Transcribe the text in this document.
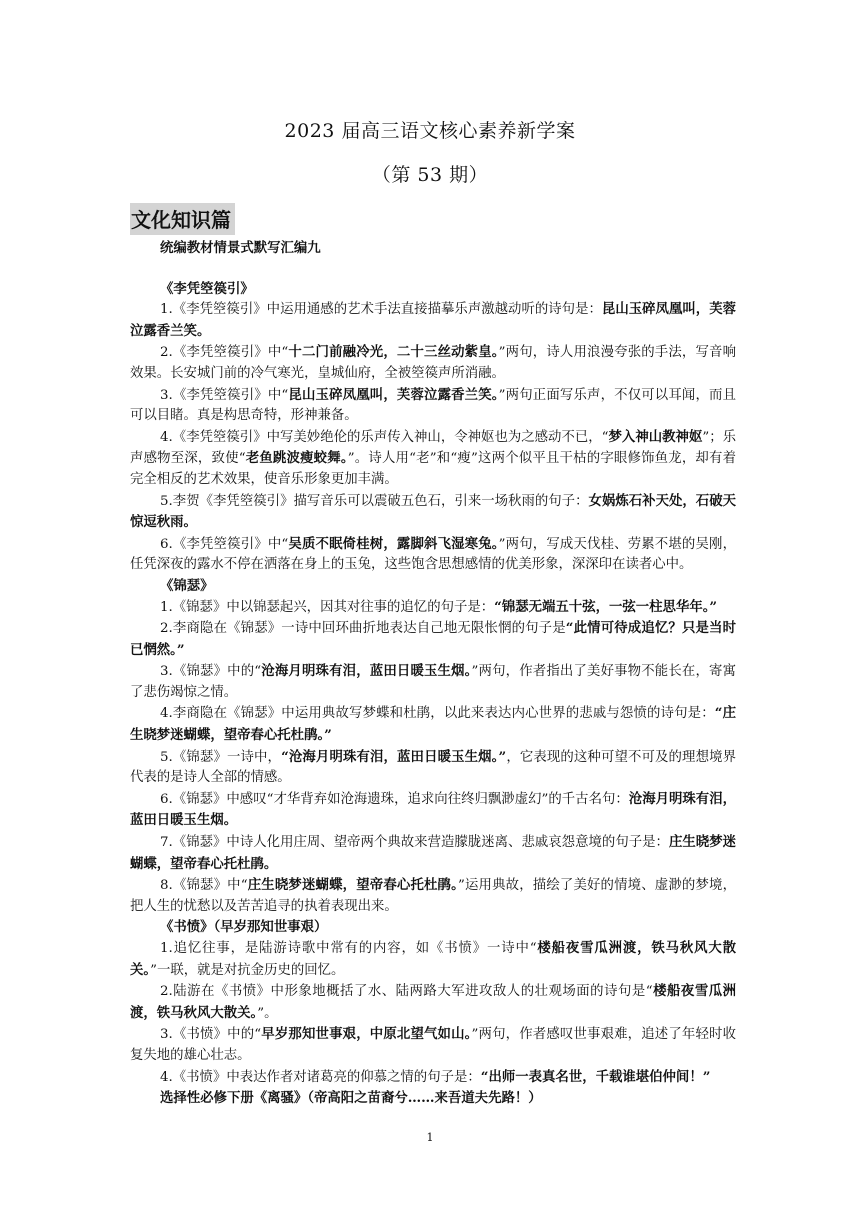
2023 届高三语文核心素养新学案
（第 53 期）
文化知识篇
统编教材情景式默写汇编九
《李凭箜篌引》
1.《李凭箜篌引》中运用通感的艺术手法直接描摹乐声激越动听的诗句是：昆山玉碎凤凰叫，芙蓉泣露香兰笑。
2.《李凭箜篌引》中“十二门前融冷光，二十三丝动紫皇。”两句，诗人用浪漫夸张的手法，写音响效果。长安城门前的冷气寒光，皇城仙府，全被箜篌声所消融。
3.《李凭箜篌引》中“昆山玉碎凤凰叫，芙蓉泣露香兰笑。”两句正面写乐声，不仅可以耳闻，而且可以目睹。真是构思奇特，形神兼备。
4.《李凭箜篌引》中写美妙绝伦的乐声传入神山，令神妪也为之感动不已，“梦入神山教神妪”；乐声感物至深，致使“老鱼跳波瘦蛟舞。”。诗人用“老”和“瘦”这两个似平且干枯的字眼修饰鱼龙，却有着完全相反的艺术效果，使音乐形象更加丰满。
5.李贺《李凭箜篌引》描写音乐可以震破五色石，引来一场秋雨的句子：女娲炼石补天处，石破天惊逗秋雨。
6.《李凭箜篌引》中“吴质不眠倚桂树，露脚斜飞湿寒兔。”两句，写成天伐桂、劳累不堪的吴刚，任凭深夜的露水不停在洒落在身上的玉兔，这些饱含思想感情的优美形象，深深印在读者心中。
《锦瑟》
1.《锦瑟》中以锦瑟起兴，因其对往事的追忆的句子是：“锦瑟无端五十弦，一弦一柱思华年。”
2.李商隐在《锦瑟》一诗中回环曲折地表达自己地无限怅惘的句子是“此情可待成追忆？只是当时已惘然。”
3.《锦瑟》中的“沧海月明珠有泪，蓝田日暖玉生烟。”两句，作者指出了美好事物不能长在，寄寓了悲伤竭惊之情。
4.李商隐在《锦瑟》中运用典故写梦蝶和杜鹃，以此来表达内心世界的悲戚与怨愤的诗句是：“庄生晓梦迷蝴蝶，望帝春心托杜鹃。”
5.《锦瑟》一诗中，“沧海月明珠有泪，蓝田日暖玉生烟。”，它表现的这种可望不可及的理想境界代表的是诗人全部的情感。
6.《锦瑟》中感叹“才华背弃如沧海遗珠，追求向往终归飘渺虚幻”的千古名句：沧海月明珠有泪，蓝田日暖玉生烟。
7.《锦瑟》中诗人化用庄周、望帝两个典故来营造朦胧迷离、悲戚哀怨意境的句子是：庄生晓梦迷蝴蝶，望帝春心托杜鹃。
8.《锦瑟》中“庄生晓梦迷蝴蝶，望帝春心托杜鹃。”运用典故，描绘了美好的情境、虚渺的梦境，把人生的忧愁以及苦苦追寻的执着表现出来。
《书愤》（早岁那知世事艰）
1.追忆往事，是陆游诗歌中常有的内容，如《书愤》一诗中“楼船夜雪瓜洲渡，铁马秋风大散关。”一联，就是对抗金历史的回忆。
2.陆游在《书愤》中形象地概括了水、陆两路大军进攻敌人的壮观场面的诗句是“楼船夜雪瓜洲渡，铁马秋风大散关。”。
3.《书愤》中的“早岁那知世事艰，中原北望气如山。”两句，作者感叹世事艰难，追述了年轻时收复失地的雄心壮志。
4.《书愤》中表达作者对诸葛亮的仰慕之情的句子是：“出师一表真名世，千载谁堪伯仲间！”
选择性必修下册《离骚》（帝高阳之苗裔兮……来吾道夫先路！）
1
